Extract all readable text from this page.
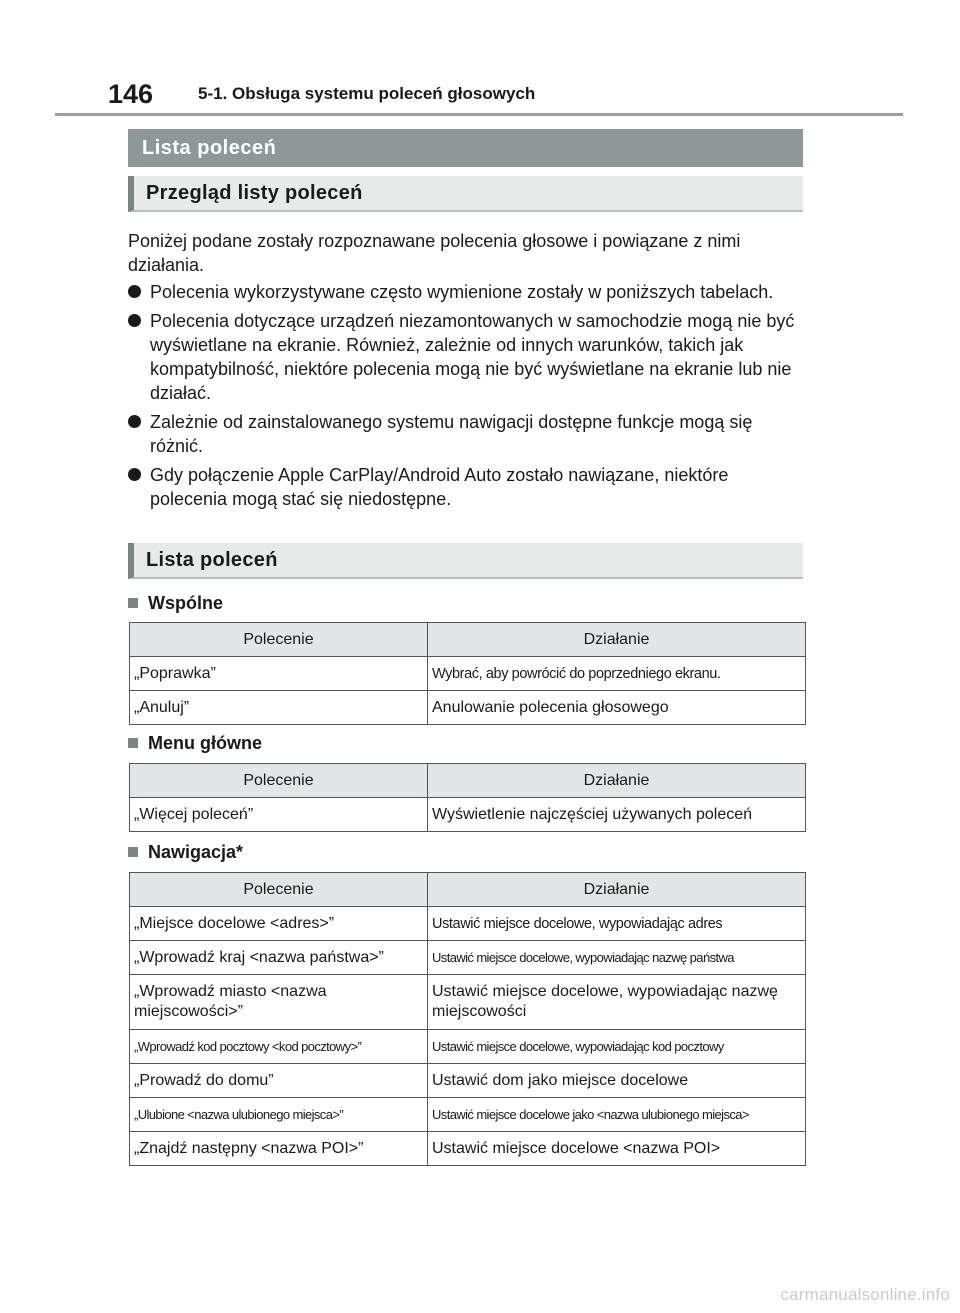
146	5-1. Obsługa systemu poleceń głosowych
Lista poleceń
Przegląd listy poleceń
Poniżej podane zostały rozpoznawane polecenia głosowe i powiązane z nimi działania.
Polecenia wykorzystywane często wymienione zostały w poniższych tabelach.
Polecenia dotyczące urządzeń niezamontowanych w samochodzie mogą nie być wyświetlane na ekranie. Również, zależnie od innych warunków, takich jak kompatybilność, niektóre polecenia mogą nie być wyświetlane na ekranie lub nie działać.
Zależnie od zainstalowanego systemu nawigacji dostępne funkcje mogą się różnić.
Gdy połączenie Apple CarPlay/Android Auto zostało nawiązane, niektóre polecenia mogą stać się niedostępne.
Lista poleceń
Wspólne
Polecenie	Działanie
„Poprawka”	Wybrać, aby powrócić do poprzedniego ekranu.
„Anuluj”	Anulowanie polecenia głosowego
Menu główne
Polecenie	Działanie
„Więcej poleceń”	Wyświetlenie najczęściej używanych poleceń
Nawigacja*
Polecenie	Działanie
„Miejsce docelowe <adres>”	Ustawić miejsce docelowe, wypowiadając adres
„Wprowadź kraj <nazwa państwa>”	Ustawić miejsce docelowe, wypowiadając nazwę państwa
„Wprowadź miasto <nazwa miejscowości>”	Ustawić miejsce docelowe, wypowiadając nazwę miejscowości
„Wprowadź kod pocztowy <kod pocztowy>”	Ustawić miejsce docelowe, wypowiadając kod pocztowy
„Prowadź do domu”	Ustawić dom jako miejsce docelowe
„Ulubione <nazwa ulubionego miejsca>”	Ustawić miejsce docelowe jako <nazwa ulubionego miejsca>
„Znajdź następny <nazwa POI>”	Ustawić miejsce docelowe <nazwa POI>
carmanualsonline.info
